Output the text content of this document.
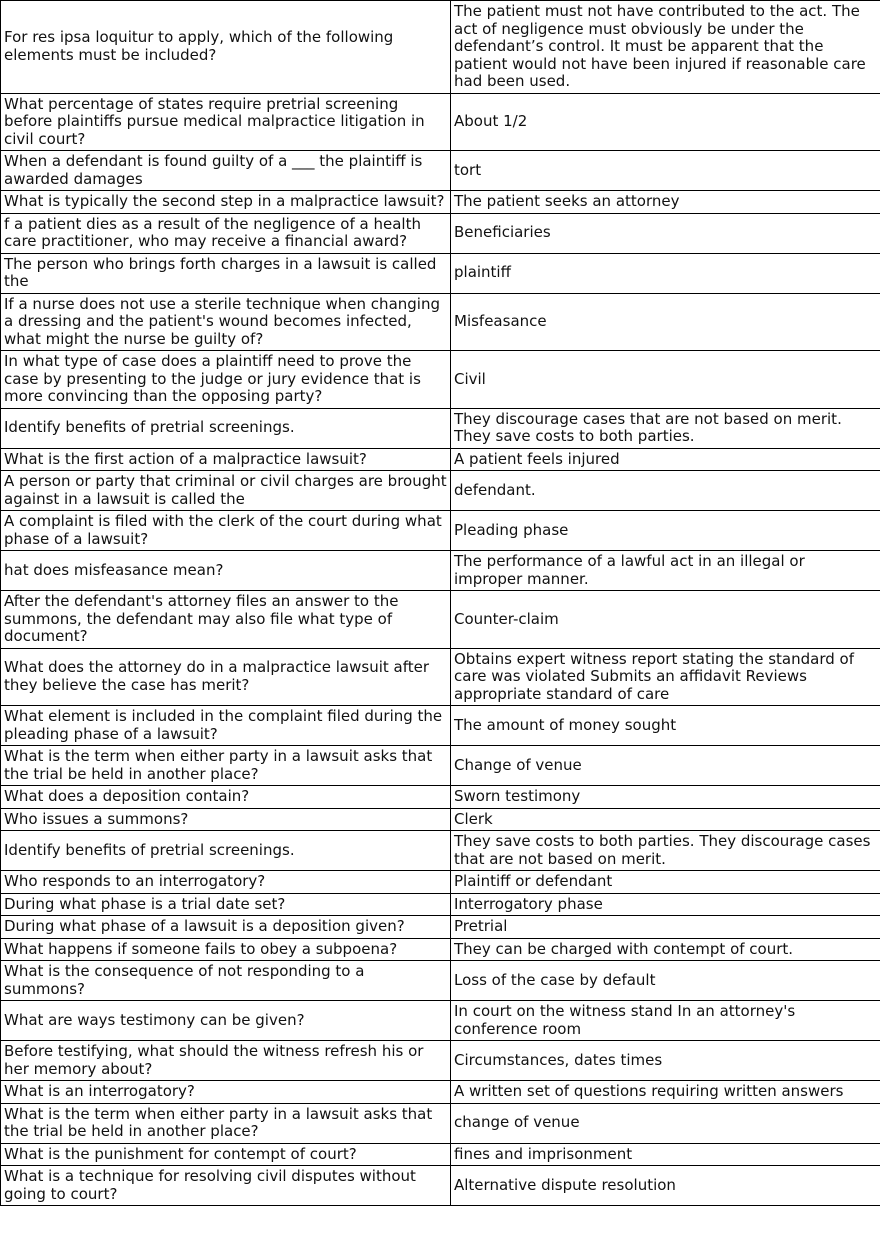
For res ipsa loquitur to apply, which of the following elements must be included?	The patient must not have contributed to the act. The act of negligence must obviously be under the defendant’s control. It must be apparent that the patient would not have been injured if reasonable care had been used.
What percentage of states require pretrial screening before plaintiffs pursue medical malpractice litigation in civil court?	About 1/2
When a defendant is found guilty of a ___ the plaintiff is awarded damages	tort
What is typically the second step in a malpractice lawsuit?	The patient seeks an attorney
f a patient dies as a result of the negligence of a health care practitioner, who may receive a financial award?	Beneficiaries
The person who brings forth charges in a lawsuit is called the	plaintiff
If a nurse does not use a sterile technique when changing a dressing and the patient's wound becomes infected, what might the nurse be guilty of?	Misfeasance
In what type of case does a plaintiff need to prove the case by presenting to the judge or jury evidence that is more convincing than the opposing party?	Civil
Identify benefits of pretrial screenings.	They discourage cases that are not based on merit. They save costs to both parties.
What is the first action of a malpractice lawsuit?	A patient feels injured
A person or party that criminal or civil charges are brought against in a lawsuit is called the	defendant.
A complaint is filed with the clerk of the court during what phase of a lawsuit?	Pleading phase
hat does misfeasance mean?	The performance of a lawful act in an illegal or improper manner.
After the defendant's attorney files an answer to the summons, the defendant may also file what type of document?	Counter-claim
What does the attorney do in a malpractice lawsuit after they believe the case has merit?	Obtains expert witness report stating the standard of care was violated Submits an affidavit Reviews appropriate standard of care
What element is included in the complaint filed during the pleading phase of a lawsuit?	The amount of money sought
What is the term when either party in a lawsuit asks that the trial be held in another place?	Change of venue
What does a deposition contain?	Sworn testimony
Who issues a summons?	Clerk
Identify benefits of pretrial screenings.	They save costs to both parties. They discourage cases that are not based on merit.
Who responds to an interrogatory?	Plaintiff or defendant
During what phase is a trial date set?	Interrogatory phase
During what phase of a lawsuit is a deposition given?	Pretrial
What happens if someone fails to obey a subpoena?	They can be charged with contempt of court.
What is the consequence of not responding to a summons?	Loss of the case by default
What are ways testimony can be given?	In court on the witness stand In an attorney's conference room
Before testifying, what should the witness refresh his or her memory about?	Circumstances, dates times
What is an interrogatory?	A written set of questions requiring written answers
What is the term when either party in a lawsuit asks that the trial be held in another place?	change of venue
What is the punishment for contempt of court?	fines and imprisonment
What is a technique for resolving civil disputes without going to court?	Alternative dispute resolution
